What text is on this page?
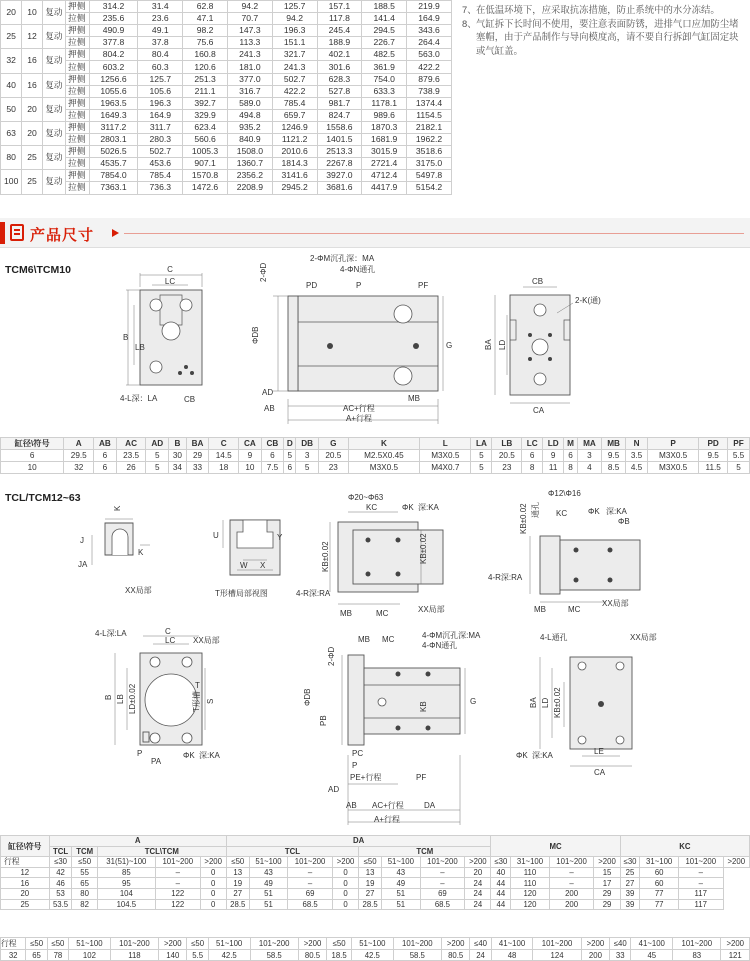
20	10	复动	押侧	314.2	31.4	62.8	94.2	125.7	157.1	188.5	219.9
			拉侧	235.6	23.6	47.1	70.7	94.2	117.8	141.4	164.9
25	12	复动	押侧	490.9	49.1	98.2	147.3	196.3	245.4	294.5	343.6
			拉侧	377.8	37.8	75.6	113.3	151.1	188.9	226.7	264.4
32	16	复动	押侧	804.2	80.4	160.8	241.3	321.7	402.1	482.5	563.0
			拉侧	603.2	60.3	120.6	181.0	241.3	301.6	361.9	422.2
40	16	复动	押侧	1256.6	125.7	251.3	377.0	502.7	628.3	754.0	879.6
			拉侧	1055.6	105.6	211.1	316.7	422.2	527.8	633.3	738.9
50	20	复动	押侧	1963.5	196.3	392.7	589.0	785.4	981.7	1178.1	1374.4
			拉侧	1649.3	164.9	329.9	494.8	659.7	824.7	989.6	1154.5
63	20	复动	押侧	3117.2	311.7	623.4	935.2	1246.9	1558.6	1870.3	2182.1
			拉侧	2803.1	280.3	560.6	840.9	1121.2	1401.5	1681.9	1962.2
80	25	复动	押侧	5026.5	502.7	1005.3	1508.0	2010.6	2513.3	3015.9	3518.6
			拉侧	4535.7	453.6	907.1	1360.7	1814.3	2267.8	2721.4	3175.0
100	25	复动	押侧	7854.0	785.4	1570.8	2356.2	3141.6	3927.0	4712.4	5497.8
			拉侧	7363.1	736.3	1472.6	2208.9	2945.2	3681.6	4417.9	5154.2

7、 在低温环境下，应采取抗冻措施，防止系统中的水分冻结。

8、 气缸拆下长时间不使用，要注意表面防锈，进排气口应加防尘堵塞帽，由于产品制作与导向模度高，请不要自行拆卸气缸固定块或气缸盖。

产品尺寸
TCM6\TCM10	C
LC
B
LB
4-L深：LA	CB
2-ΦM沉孔深：MA
4-ΦN通孔
2-ΦD
PD	P	PF
ΦDB
G
AD
AB
MB
AC+行程
A+行程
CB
2-K(通)
BA LD
CA
缸径\符号	A	AB	AC	AD	B	BA	C	CA	CB	D	DB	G	K	L	LA	LB	LC	LD	M	MA	MB	N	P	PD	PF
6	29.5	6	23.5	5	30	29	14.5	9	6	5	3	20.5	M2.5X0.45	M3X0.5	5	20.5	6	9	6	3	9.5	3.5	M3X0.5	9.5	5.5
10	32	6	26	5	34	33	18	10	7.5	6	5	23	M3X0.5	M4X0.7	5	23	8	11	8	4	8.5	4.5	M3X0.5	11.5	5
TCL/TCM12~63
J
JA
K
K
XX局部
U
W X
Y
T形槽局部视图
Φ20~Φ63
KC	ΦK 深:KA
KB±0.02	KB±0.02
4-R深:RA
MB	MC	XX局部
Φ12\Φ16
ΦK 深:KA
KC
ΦB
通孔
KB±0.02
4-R深:RA
MB	MC
XX局部
4-L深:LA	C
LC XX局部
B LB LD±0.02	S
T形槽
T
P
PA
ΦK 深:KA
MB MC	4-ΦM沉孔深:MA
4-ΦN通孔
2-ΦD
ΦDB
PB
G
KB
PC
P
PE+行程	PF
AD
AB AC+行程	DA
A+行程
4-L通孔	XX局部
BA LD KB±0.02
ΦK 深:KA	LE
CA
缸径\符号	A					DA								MC				KC			
	TCL	TCM	TCL\TCM			TCL				TCM											
行程	≤30	≤50	31(51)~100	101~200	>200	≤50	51~100	101~200	>200	≤50	51~100	101~200	>200	≤30	31~100	101~200	>200	≤30	31~100	101~200	>200
12	42	55	85	–	0	13	43	–	0	13	43	–	20	40	110	–	15	25	60	–	
16	46	65	95	–	0	19	49	–	0	19	49	–	24	44	110	–	17	27	60	–	
20	53	80	104	122	0	27	51	69	0	27	51	69	24	44	120	200	29	39	77	117	
25	53.5	82	104.5	122	0	28.5	51	68.5	0	28.5	51	68.5	24	44	120	200	29	39	77	117	
行程	≤50	≤50	51~100	101~200	>200	≤50	51~100	101~200	>200	≤50	51~100	101~200	>200	≤40	41~100	101~200	>200	≤40	41~100	101~200	>200
32	65	78	102	118	140	5.5	42.5	58.5	80.5	18.5	42.5	58.5	80.5	24	48	124	200	33	45	83	121
